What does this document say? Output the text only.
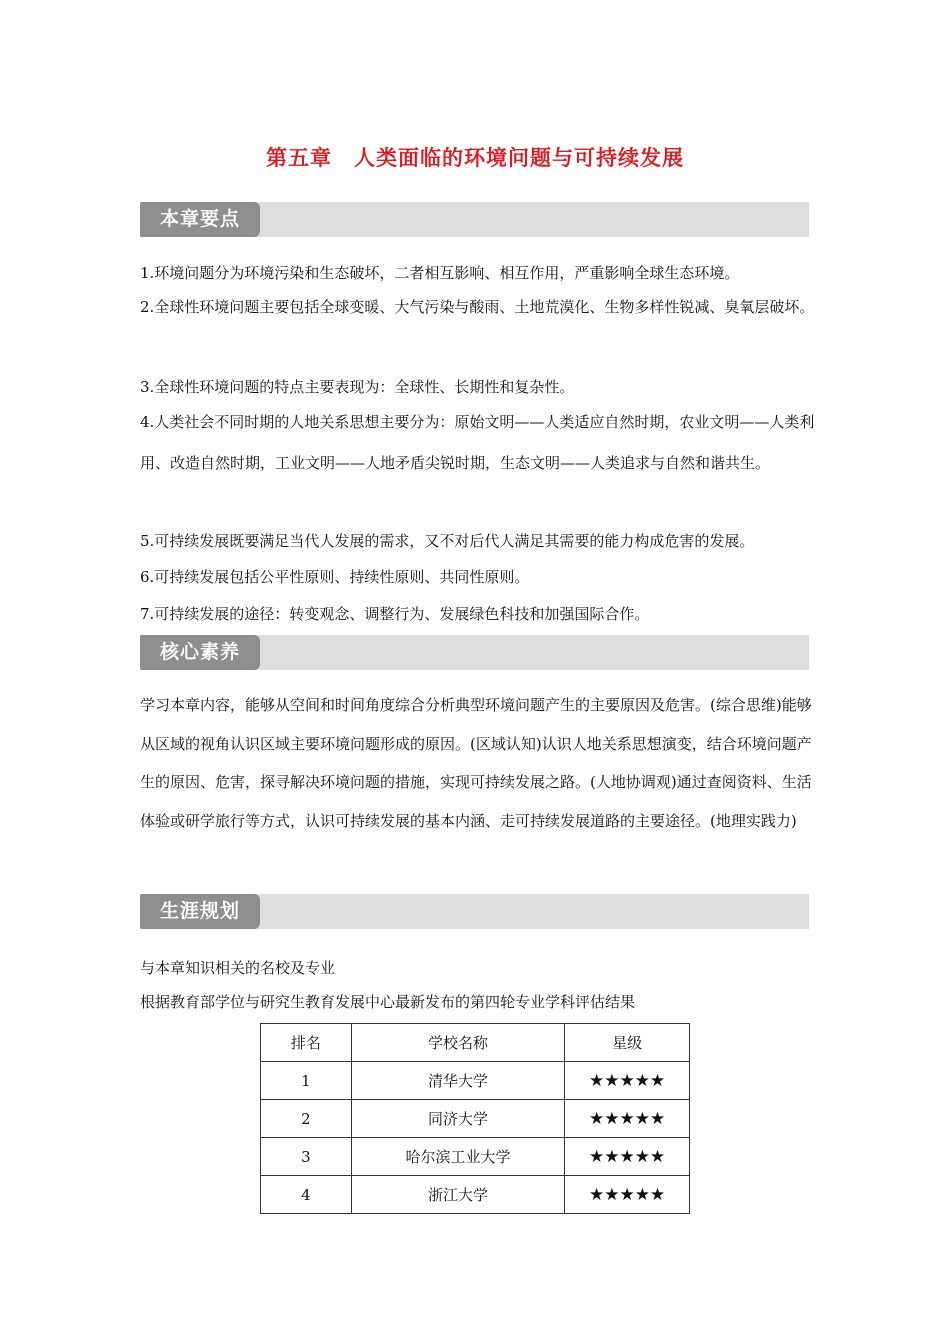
第五章 人类面临的环境问题与可持续发展
本章要点

1.环境问题分为环境污染和生态破坏，二者相互影响、相互作用，严重影响全球生态环境。

2.全球性环境问题主要包括全球变暖、大气污染与酸雨、土地荒漠化、生物多样性锐减、臭氧层破坏。

3.全球性环境问题的特点主要表现为：全球性、长期性和复杂性。

4.人类社会不同时期的人地关系思想主要分为：原始文明——人类适应自然时期，农业文明——人类利用、改造自然时期，工业文明——人地矛盾尖锐时期，生态文明——人类追求与自然和谐共生。

5.可持续发展既要满足当代人发展的需求，又不对后代人满足其需要的能力构成危害的发展。

6.可持续发展包括公平性原则、持续性原则、共同性原则。

7.可持续发展的途径：转变观念、调整行为、发展绿色科技和加强国际合作。

核心素养

学习本章内容，能够从空间和时间角度综合分析典型环境问题产生的主要原因及危害。(综合思维)能够从区域的视角认识区域主要环境问题形成的原因。(区域认知)认识人地关系思想演变，结合环境问题产生的原因、危害，探寻解决环境问题的措施，实现可持续发展之路。(人地协调观)通过查阅资料、生活体验或研学旅行等方式，认识可持续发展的基本内涵、走可持续发展道路的主要途径。(地理实践力)

生涯规划

与本章知识相关的名校及专业

根据教育部学位与研究生教育发展中心最新发布的第四轮专业学科评估结果

排名	学校名称	星级
1	清华大学	★★★★★
2	同济大学	★★★★★
3	哈尔滨工业大学	★★★★★
4	浙江大学	★★★★★
